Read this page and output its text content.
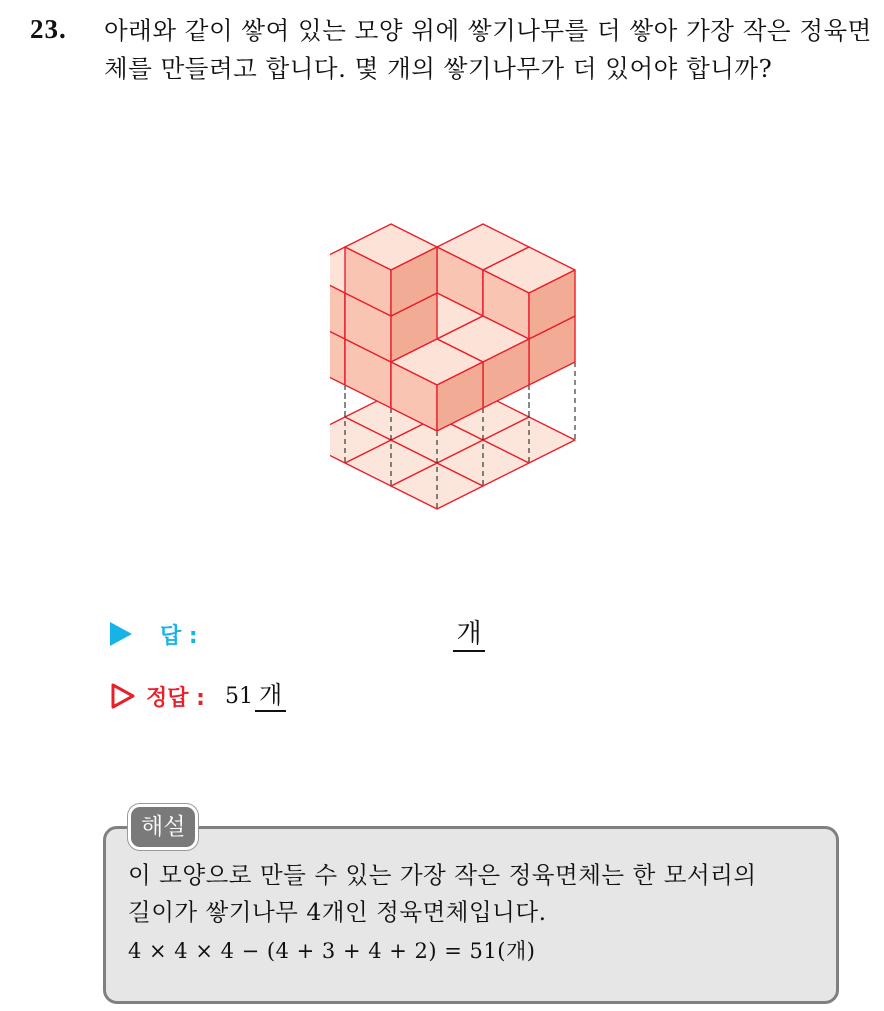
23. 아래와 같이 쌓여 있는 모양 위에 쌓기나무를 더 쌓아 가장 작은 정육면체를 만들려고 합니다. 몇 개의 쌓기나무가 더 있어야 합니까?
답 :	개
정답 : 51 개
해설
이 모양으로 만들 수 있는 가장 작은 정육면체는 한 모서리의
길이가 쌓기나무 4개인 정육면체입니다.
4 × 4 × 4 − (4 + 3 + 4 + 2) = 51(개)
